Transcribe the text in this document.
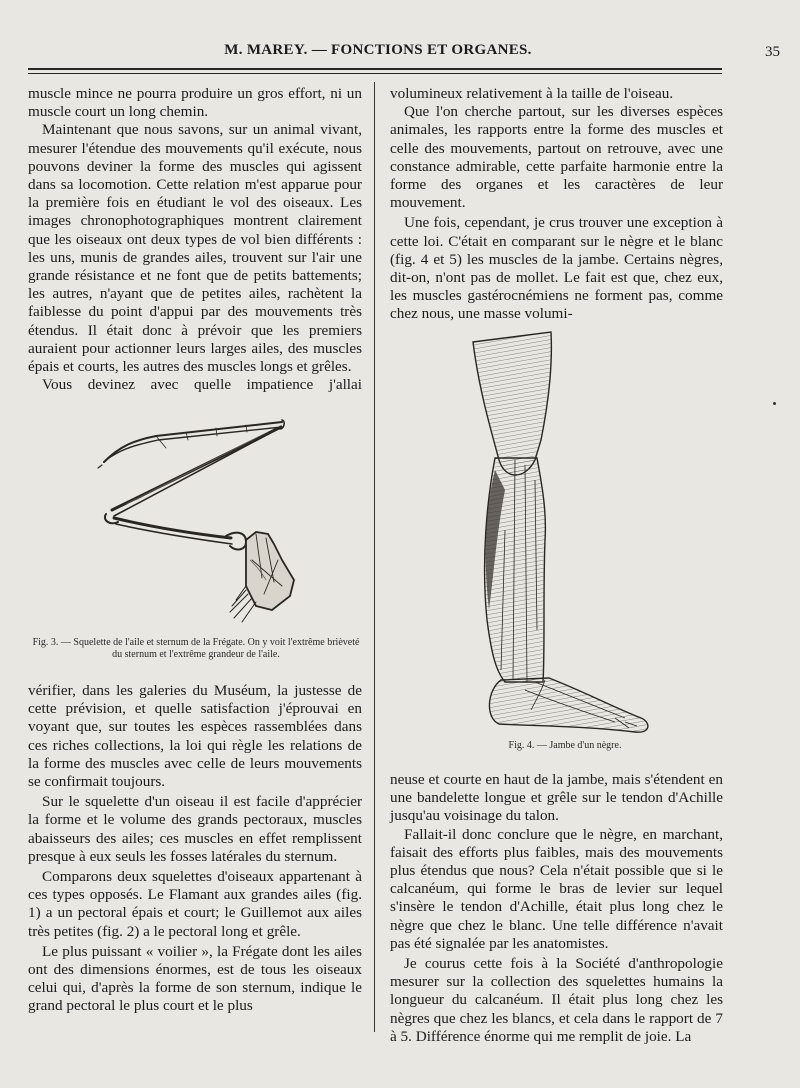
M. MAREY. — FONCTIONS ET ORGANES.	35

muscle mince ne pourra produire un gros effort, ni un muscle court un long chemin.

Maintenant que nous savons, sur un animal vivant, mesurer l'étendue des mouvements qu'il exécute, nous pouvons deviner la forme des muscles qui agissent dans sa locomotion. Cette relation m'est apparue pour la première fois en étudiant le vol des oiseaux. Les images chronophotographiques montrent clairement que les oiseaux ont deux types de vol bien différents : les uns, munis de grandes ailes, trouvent sur l'air une grande résistance et ne font que de petits battements; les autres, n'ayant que de petites ailes, rachètent la faiblesse du point d'appui par des mouvements très étendus. Il était donc à prévoir que les premiers auraient pour actionner leurs larges ailes, des muscles épais et courts, les autres des muscles longs et grêles.

Vous devinez avec quelle impatience j'allai

Fig. 3. — Squelette de l'aile et sternum de la Frégate. On y voit l'extrême brièveté du sternum et l'extrême grandeur de l'aile.

vérifier, dans les galeries du Muséum, la justesse de cette prévision, et quelle satisfaction j'éprouvai en voyant que, sur toutes les espèces rassemblées dans ces riches collections, la loi qui règle les relations de la forme des muscles avec celle de leurs mouvements se confirmait toujours.

Sur le squelette d'un oiseau il est facile d'apprécier la forme et le volume des grands pectoraux, muscles abaisseurs des ailes; ces muscles en effet remplissent presque à eux seuls les fosses latérales du sternum.

Comparons deux squelettes d'oiseaux appartenant à ces types opposés. Le Flamant aux grandes ailes (fig. 1) a un pectoral épais et court; le Guillemot aux ailes très petites (fig. 2) a le pectoral long et grêle.

Le plus puissant « voilier », la Frégate dont les ailes ont des dimensions énormes, est de tous les oiseaux celui qui, d'après la forme de son sternum, indique le grand pectoral le plus court et le plus

volumineux relativement à la taille de l'oiseau.

Que l'on cherche partout, sur les diverses espèces animales, les rapports entre la forme des muscles et celle des mouvements, partout on retrouve, avec une constance admirable, cette parfaite harmonie entre la forme des organes et les caractères de leur mouvement.

Une fois, cependant, je crus trouver une exception à cette loi. C'était en comparant sur le nègre et le blanc (fig. 4 et 5) les muscles de la jambe. Certains nègres, dit-on, n'ont pas de mollet. Le fait est que, chez eux, les muscles gastérocnémiens ne forment pas, comme chez nous, une masse volumi-

Fig. 4. — Jambe d'un nègre.

neuse et courte en haut de la jambe, mais s'étendent en une bandelette longue et grêle sur le tendon d'Achille jusqu'au voisinage du talon.

Fallait-il donc conclure que le nègre, en marchant, faisait des efforts plus faibles, mais des mouvements plus étendus que nous? Cela n'était possible que si le calcanéum, qui forme le bras de levier sur lequel s'insère le tendon d'Achille, était plus long chez le nègre que chez le blanc. Une telle différence n'avait pas été signalée par les anatomistes.

Je courus cette fois à la Société d'anthropologie mesurer sur la collection des squelettes humains la longueur du calcanéum. Il était plus long chez les nègres que chez les blancs, et cela dans le rapport de 7 à 5. Différence énorme qui me remplit de joie. La
